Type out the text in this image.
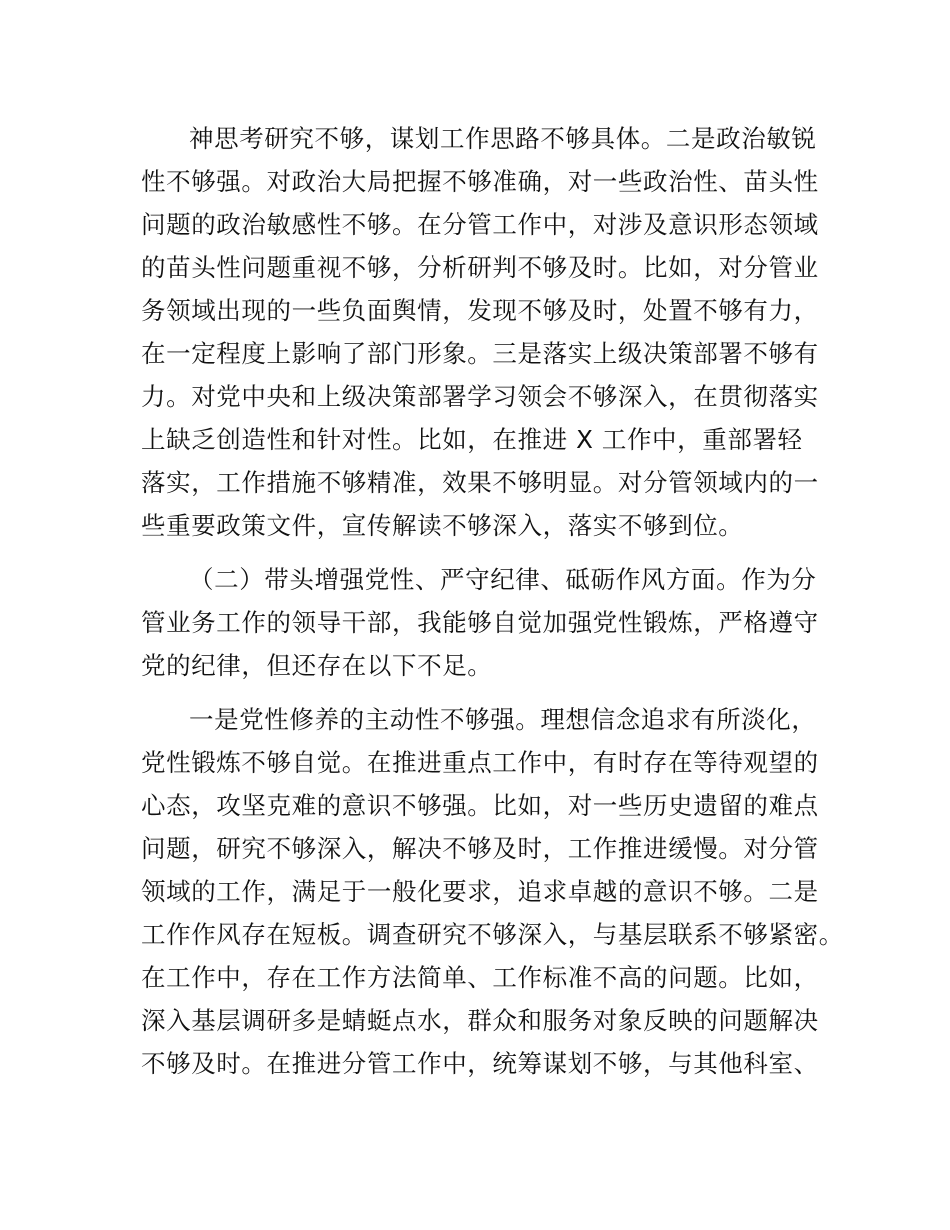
神思考研究不够，谋划工作思路不够具体。二是政治敏锐
性不够强。对政治大局把握不够准确，对一些政治性、苗头性
问题的政治敏感性不够。在分管工作中，对涉及意识形态领域
的苗头性问题重视不够，分析研判不够及时。比如，对分管业
务领域出现的一些负面舆情，发现不够及时，处置不够有力，
在一定程度上影响了部门形象。三是落实上级决策部署不够有
力。对党中央和上级决策部署学习领会不够深入，在贯彻落实
上缺乏创造性和针对性。比如，在推进 X 工作中，重部署轻
落实，工作措施不够精准，效果不够明显。对分管领域内的一
些重要政策文件，宣传解读不够深入，落实不够到位。
（二）带头增强党性、严守纪律、砥砺作风方面。作为分
管业务工作的领导干部，我能够自觉加强党性锻炼，严格遵守
党的纪律，但还存在以下不足。
一是党性修养的主动性不够强。理想信念追求有所淡化，
党性锻炼不够自觉。在推进重点工作中，有时存在等待观望的
心态，攻坚克难的意识不够强。比如，对一些历史遗留的难点
问题，研究不够深入，解决不够及时，工作推进缓慢。对分管
领域的工作，满足于一般化要求，追求卓越的意识不够。二是
工作作风存在短板。调查研究不够深入，与基层联系不够紧密。
在工作中，存在工作方法简单、工作标准不高的问题。比如，
深入基层调研多是蜻蜓点水，群众和服务对象反映的问题解决
不够及时。在推进分管工作中，统筹谋划不够，与其他科室、
